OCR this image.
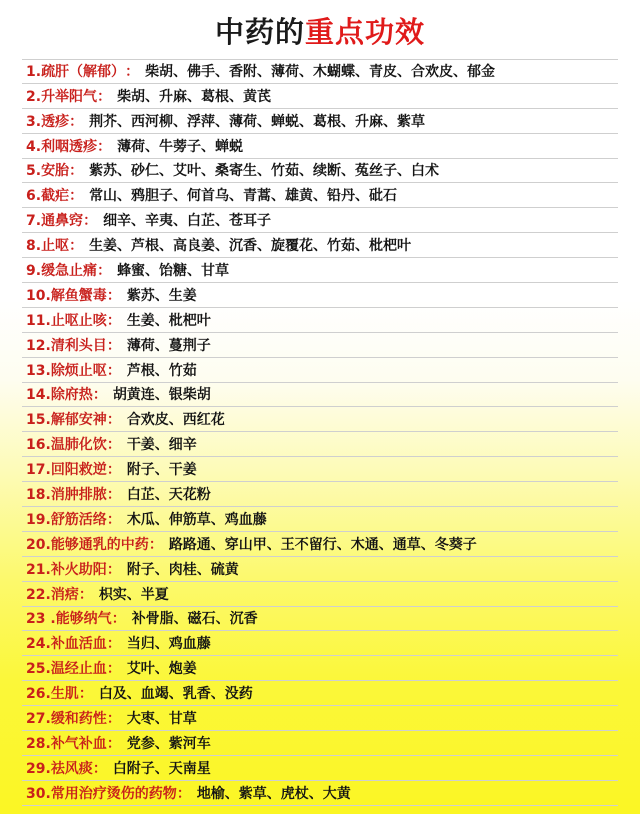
中药的重点功效
1. 疏肝（解郁） ： 柴胡、佛手、香附、薄荷、木蝴蝶、青皮、合欢皮、郁金
2. 升举阳气 ： 柴胡、升麻、葛根、黄芪
3. 透疹 ： 荆芥、西河柳、浮萍、薄荷、蝉蜕、葛根、升麻、紫草
4. 利咽透疹 ： 薄荷、牛蒡子、蝉蜕
5. 安胎 ： 紫苏、砂仁、艾叶、桑寄生、竹茹、续断、菟丝子、白术
6. 截疟 ： 常山、鸦胆子、何首乌、青蒿、雄黄、铅丹、砒石
7. 通鼻窍 ： 细辛、辛夷、白芷、苍耳子
8. 止呕 ： 生姜、芦根、高良姜、沉香、旋覆花、竹茹、枇杷叶
9. 缓急止痛 ： 蜂蜜、饴糖、甘草
10. 解鱼蟹毒 ： 紫苏、生姜
11. 止呕止咳 ： 生姜、枇杷叶
12. 清利头目 ： 薄荷、蔓荆子
13. 除烦止呕 ： 芦根、竹茹
14. 除府热 ： 胡黄连、银柴胡
15. 解郁安神 ： 合欢皮、西红花
16. 温肺化饮 ： 干姜、细辛
17. 回阳救逆 ： 附子、干姜
18. 消肿排脓 ： 白芷、天花粉
19. 舒筋活络 ： 木瓜、伸筋草、鸡血藤
20. 能够通乳的中药 ： 路路通、穿山甲、王不留行、木通、通草、冬葵子
21. 补火助阳 ： 附子、肉桂、硫黄
22. 消痞 ： 枳实、半夏
23 . 能够纳气 ： 补骨脂、磁石、沉香
24. 补血活血 ： 当归、鸡血藤
25. 温经止血 ： 艾叶、炮姜
26. 生肌 ： 白及、血竭、乳香、没药
27. 缓和药性 ： 大枣、甘草
28. 补气补血 ： 党参、紫河车
29. 祛风痰 ： 白附子、天南星
30. 常用治疗烫伤的药物 ： 地榆、紫草、虎杖、大黄
